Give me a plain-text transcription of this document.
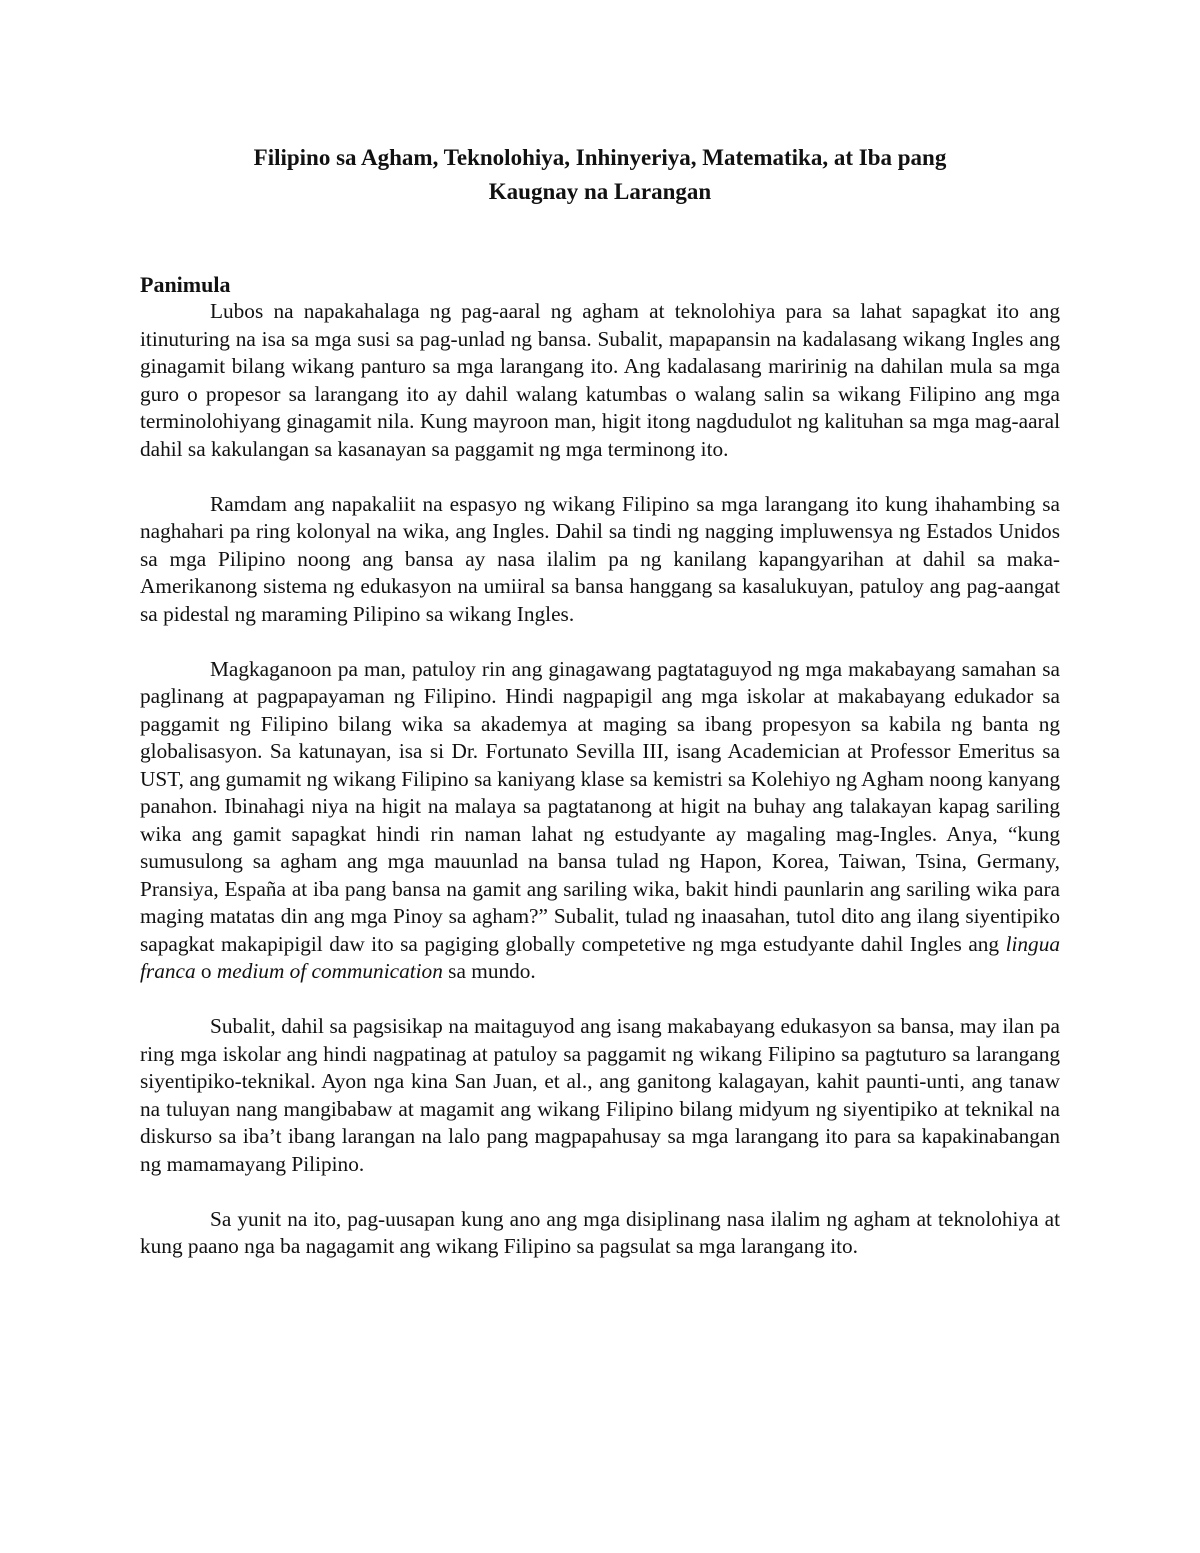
Filipino sa Agham, Teknolohiya, Inhinyeriya, Matematika, at Iba pang
Kaugnay na Larangan
Panimula

Lubos na napakahalaga ng pag-aaral ng agham at teknolohiya para sa lahat sapagkat ito ang itinuturing na isa sa mga susi sa pag-unlad ng bansa. Subalit, mapapansin na kadalasang wikang Ingles ang ginagamit bilang wikang panturo sa mga larangang ito. Ang kadalasang maririnig na dahilan mula sa mga guro o propesor sa larangang ito ay dahil walang katumbas o walang salin sa wikang Filipino ang mga terminolohiyang ginagamit nila. Kung mayroon man, higit itong nagdudulot ng kalituhan sa mga mag-aaral dahil sa kakulangan sa kasanayan sa paggamit ng mga terminong ito.

Ramdam ang napakaliit na espasyo ng wikang Filipino sa mga larangang ito kung ihahambing sa naghahari pa ring kolonyal na wika, ang Ingles. Dahil sa tindi ng nagging impluwensya ng Estados Unidos sa mga Pilipino noong ang bansa ay nasa ilalim pa ng kanilang kapangyarihan at dahil sa maka-Amerikanong sistema ng edukasyon na umiiral sa bansa hanggang sa kasalukuyan, patuloy ang pag-aangat sa pidestal ng maraming Pilipino sa wikang Ingles.

Magkaganoon pa man, patuloy rin ang ginagawang pagtataguyod ng mga makabayang samahan sa paglinang at pagpapayaman ng Filipino. Hindi nagpapigil ang mga iskolar at makabayang edukador sa paggamit ng Filipino bilang wika sa akademya at maging sa ibang propesyon sa kabila ng banta ng globalisasyon. Sa katunayan, isa si Dr. Fortunato Sevilla III, isang Academician at Professor Emeritus sa UST, ang gumamit ng wikang Filipino sa kaniyang klase sa kemistri sa Kolehiyo ng Agham noong kanyang panahon. Ibinahagi niya na higit na malaya sa pagtatanong at higit na buhay ang talakayan kapag sariling wika ang gamit sapagkat hindi rin naman lahat ng estudyante ay magaling mag-Ingles. Anya, “kung sumusulong sa agham ang mga mauunlad na bansa tulad ng Hapon, Korea, Taiwan, Tsina, Germany, Pransiya, España at iba pang bansa na gamit ang sariling wika, bakit hindi paunlarin ang sariling wika para maging matatas din ang mga Pinoy sa agham?” Subalit, tulad ng inaasahan, tutol dito ang ilang siyentipiko sapagkat makapipigil daw ito sa pagiging globally competetive ng mga estudyante dahil Ingles ang lingua franca o medium of communication sa mundo.

Subalit, dahil sa pagsisikap na maitaguyod ang isang makabayang edukasyon sa bansa, may ilan pa ring mga iskolar ang hindi nagpatinag at patuloy sa paggamit ng wikang Filipino sa pagtuturo sa larangang siyentipiko-teknikal. Ayon nga kina San Juan, et al., ang ganitong kalagayan, kahit paunti-unti, ang tanaw na tuluyan nang mangibabaw at magamit ang wikang Filipino bilang midyum ng siyentipiko at teknikal na diskurso sa iba’t ibang larangan na lalo pang magpapahusay sa mga larangang ito para sa kapakinabangan ng mamamayang Pilipino.

Sa yunit na ito, pag-uusapan kung ano ang mga disiplinang nasa ilalim ng agham at teknolohiya at kung paano nga ba nagagamit ang wikang Filipino sa pagsulat sa mga larangang ito.
